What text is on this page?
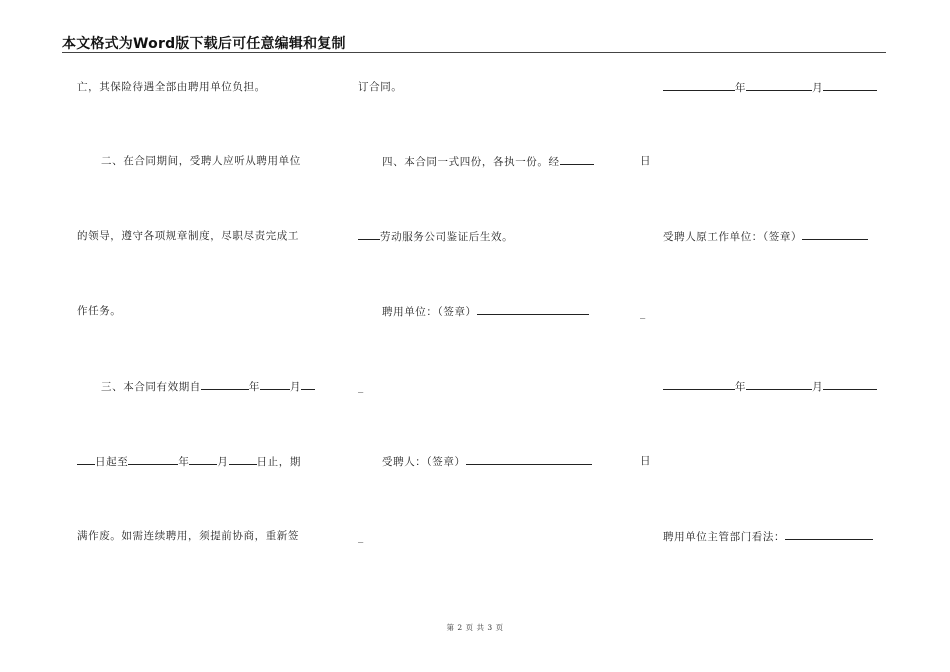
本文格式为Word版下载后可任意编辑和复制
亡，其保险待遇全部由聘用单位负担。
二、在合同期间，受聘人应听从聘用单位
的领导，遵守各项规章制度，尽职尽责完成工
作任务。
三、本合同有效期自	年	月
日起至	年	月	日止，期
满作废。如需连续聘用，须提前协商，重新签
订合同。
四、本合同一式四份，各执一份。经
劳动服务公司鉴证后生效。
聘用单位：（签章）
_
受聘人：（签章）
_
日
_
日
年	月
受聘人原工作单位：（签章）
年	月
聘用单位主管部门看法：
第 2 页 共 3 页
